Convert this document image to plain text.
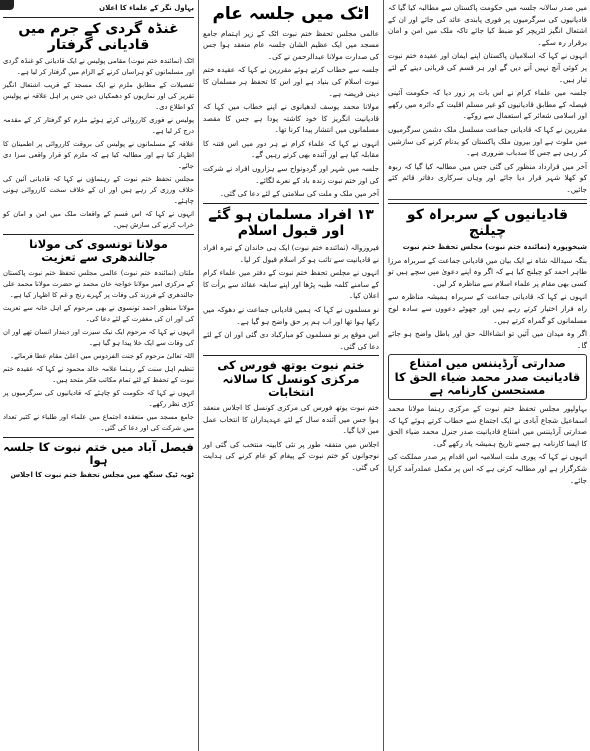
میں صدر سالانہ جلسہ میں حکومت پاکستان سے مطالبہ کیا گیا کہ قادیانیوں کی سرگرمیوں پر فوری پابندی عائد کی جائے اور ان کے اشتعال انگیز لٹریچر کو ضبط کیا جائے تاکہ ملک میں امن و امان برقرار رہ سکے۔

انہوں نے کہا کہ اسلامیان پاکستان اپنے ایمان اور عقیدہ ختم نبوت پر کوئی آنچ نہیں آنے دیں گے اور ہر قسم کی قربانی دینے کے لئے تیار ہیں۔

جلسہ میں علماء کرام نے اس بات پر زور دیا کہ حکومت آئینی فیصلہ کے مطابق قادیانیوں کو غیر مسلم اقلیت کے دائرہ میں رکھے اور اسلامی شعائر کے استعمال سے روکے۔

مقررین نے کہا کہ قادیانی جماعت مسلسل ملک دشمن سرگرمیوں میں ملوث ہے اور بیرون ملک پاکستان کو بدنام کرنے کی سازشیں کر رہی ہے جس کا سدباب ضروری ہے۔

آخر میں قرارداد منظور کی گئی جس میں مطالبہ کیا گیا کہ ربوہ کو کھلا شہر قرار دیا جائے اور وہاں سرکاری دفاتر قائم کئے جائیں۔

قادیانیوں کے سربراہ کو چیلنج
شیخوپورہ (نمائندہ ختم نبوت) مجلس تحفظ ختم نبوت

بنگہ سیداللہ شاہ نے ایک بیان میں قادیانی جماعت کے سربراہ مرزا طاہر احمد کو چیلنج کیا ہے کہ اگر وہ اپنے دعویٰ میں سچے ہیں تو کسی بھی مقام پر علماء اسلام سے مناظرہ کر لیں۔

انہوں نے کہا کہ قادیانی جماعت کے سربراہ ہمیشہ مناظرہ سے راہ فرار اختیار کرتے رہے ہیں اور جھوٹے دعووں سے سادہ لوح مسلمانوں کو گمراہ کرتے ہیں۔

اگر وہ میدان میں آئیں تو انشاءاللہ حق اور باطل واضح ہو جائے گا۔

صدارتی آرڈیننس میں امتناع قادیانیت صدر محمد ضیاء الحق کا مستحسن کارنامہ ہے

بہاولپور مجلس تحفظ ختم نبوت کے مرکزی رہنما مولانا محمد اسماعیل شجاع آبادی نے ایک اجتماع سے خطاب کرتے ہوئے کہا کہ صدارتی آرڈیننس میں امتناع قادیانیت صدر جنرل محمد ضیاء الحق کا ایسا کارنامہ ہے جسے تاریخ ہمیشہ یاد رکھے گی۔

انہوں نے کہا کہ پوری ملت اسلامیہ اس اقدام پر صدر مملکت کی شکرگزار ہے اور مطالبہ کرتی ہے کہ اس پر مکمل عملدرآمد کرایا جائے۔

اٹک میں جلسہ عام

عالمی مجلس تحفظ ختم نبوت اٹک کے زیر اہتمام جامع مسجد میں ایک عظیم الشان جلسہ عام منعقد ہوا جس کی صدارت مولانا عبدالرحمن نے کی۔

جلسہ سے خطاب کرتے ہوئے مقررین نے کہا کہ عقیدہ ختم نبوت اسلام کی بنیاد ہے اور اس کا تحفظ ہر مسلمان کا دینی فریضہ ہے۔

مولانا محمد یوسف لدھیانوی نے اپنے خطاب میں کہا کہ قادیانیت انگریز کا خود کاشتہ پودا ہے جس کا مقصد مسلمانوں میں انتشار پیدا کرنا تھا۔

انہوں نے کہا کہ علماء کرام نے ہر دور میں اس فتنہ کا مقابلہ کیا ہے اور آئندہ بھی کرتے رہیں گے۔

جلسہ میں شہر اور گردونواح سے ہزاروں افراد نے شرکت کی اور ختم نبوت زندہ باد کے نعرے لگائے۔

آخر میں ملک و ملت کی سلامتی کے لئے دعا کی گئی۔

۱۳ افراد مسلمان ہو گئے اور قبول اسلام

فیروزوالہ (نمائندہ ختم نبوت) ایک ہی خاندان کے تیرہ افراد نے قادیانیت سے تائب ہو کر اسلام قبول کر لیا۔

انہوں نے مجلس تحفظ ختم نبوت کے دفتر میں علماء کرام کے سامنے کلمہ طیبہ پڑھا اور اپنے سابقہ عقائد سے برأت کا اعلان کیا۔

نو مسلموں نے کہا کہ ہمیں قادیانی جماعت نے دھوکہ میں رکھا ہوا تھا اور اب ہم پر حق واضح ہو گیا ہے۔

اس موقع پر نو مسلموں کو مبارکباد دی گئی اور ان کے لئے دعا کی گئی۔

ختم نبوت یوتھ فورس کی مرکزی کونسل کا سالانہ انتخابات

ختم نبوت یوتھ فورس کی مرکزی کونسل کا اجلاس منعقد ہوا جس میں آئندہ سال کے لئے عہدیداران کا انتخاب عمل میں لایا گیا۔

اجلاس میں متفقہ طور پر نئی کابینہ منتخب کی گئی اور نوجوانوں کو ختم نبوت کے پیغام کو عام کرنے کی ہدایت کی گئی۔

بہاول نگر کے علماء کا اعلان
غنڈہ گردی کے جرم میں قادیانی گرفتار

اٹک (نمائندہ ختم نبوت) مقامی پولیس نے ایک قادیانی کو غنڈہ گردی اور مسلمانوں کو ہراساں کرنے کے الزام میں گرفتار کر لیا ہے۔

تفصیلات کے مطابق ملزم نے ایک مسجد کے قریب اشتعال انگیز تقریر کی اور نمازیوں کو دھمکیاں دیں جس پر اہل علاقہ نے پولیس کو اطلاع دی۔

پولیس نے فوری کارروائی کرتے ہوئے ملزم کو گرفتار کر کے مقدمہ درج کر لیا ہے۔

علاقہ کے مسلمانوں نے پولیس کی بروقت کارروائی پر اطمینان کا اظہار کیا ہے اور مطالبہ کیا ہے کہ ملزم کو قرار واقعی سزا دی جائے۔

مجلس تحفظ ختم نبوت کے رہنماؤں نے کہا کہ قادیانی آئین کی خلاف ورزی کر رہے ہیں اور ان کے خلاف سخت کارروائی ہونی چاہئے۔

انہوں نے کہا کہ اس قسم کے واقعات ملک میں امن و امان کو خراب کرنے کی سازش ہیں۔

مولانا تونسوی کی مولانا جالندھری سے تعزیت

ملتان (نمائندہ ختم نبوت) عالمی مجلس تحفظ ختم نبوت پاکستان کے مرکزی امیر مولانا خواجہ خان محمد نے حضرت مولانا محمد علی جالندھری کے فرزند کی وفات پر گہرے رنج و غم کا اظہار کیا ہے۔

مولانا منظور احمد تونسوی نے بھی مرحوم کے اہل خانہ سے تعزیت کی اور ان کی مغفرت کے لئے دعا کی۔

انہوں نے کہا کہ مرحوم ایک نیک سیرت اور دیندار انسان تھے اور ان کی وفات سے ایک خلا پیدا ہو گیا ہے۔

اللہ تعالیٰ مرحوم کو جنت الفردوس میں اعلیٰ مقام عطا فرمائے۔

تنظیم اہل سنت کے رہنما علامہ خالد محمود نے کہا کہ عقیدہ ختم نبوت کے تحفظ کے لئے تمام مکاتب فکر متحد ہیں۔

انہوں نے کہا کہ حکومت کو چاہئے کہ قادیانیوں کی سرگرمیوں پر کڑی نظر رکھے۔

جامع مسجد میں منعقدہ اجتماع میں علماء اور طلباء نے کثیر تعداد میں شرکت کی اور دعا کی گئی۔

فیصل آباد میں ختم نبوت کا جلسہ ہوا
ٹوبہ ٹیک سنگھ میں مجلس تحفظ ختم نبوت کا اجلاس
